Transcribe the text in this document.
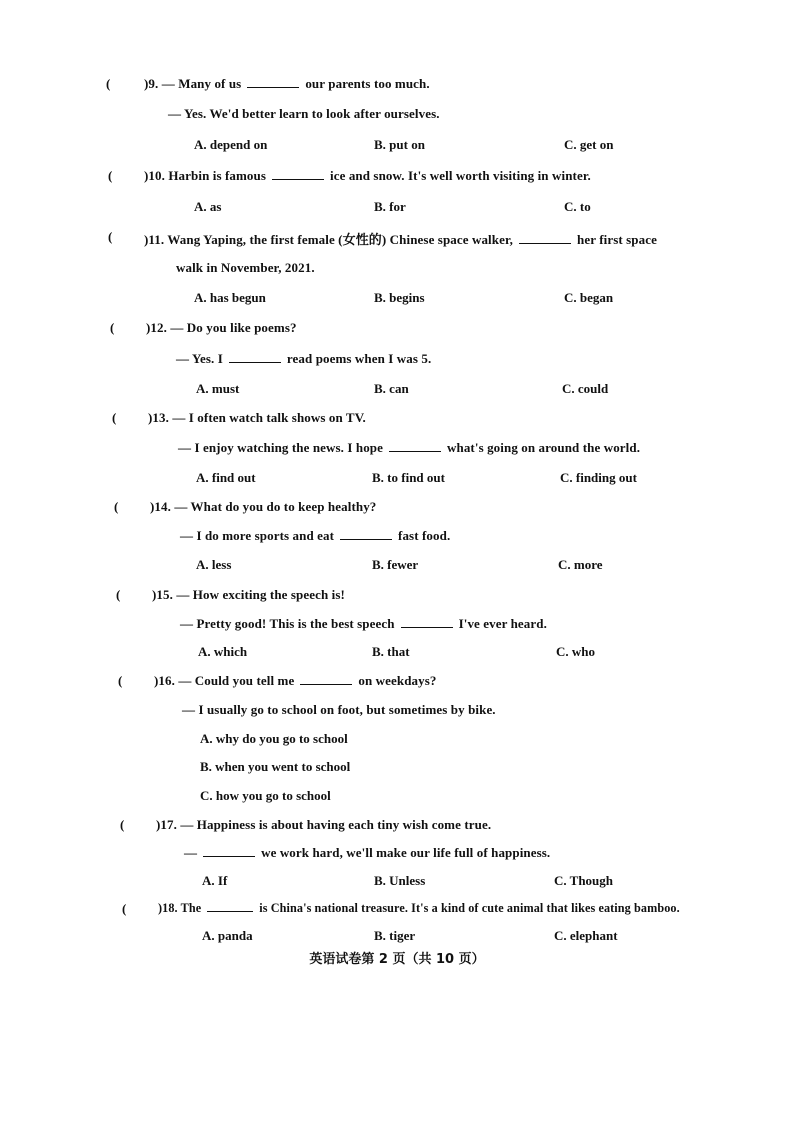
(	)9. — Many of us	our parents too much.
— Yes. We'd better learn to look after ourselves.
A. depend on	B. put on	C. get on
( )10. Harbin is famous	ice and snow. It's well worth visiting in winter.
A. as	B. for	C. to
( )11. Wang Yaping, the first female (女性的) Chinese space walker,	her first space
walk in November, 2021.
A. has begun	B. begins	C. began
( )12. — Do you like poems?
— Yes. I	read poems when I was 5.
A. must	B. can	C. could
( )13. — I often watch talk shows on TV.
— I enjoy watching the news. I hope	what's going on around the world.
A. find out	B. to find out	C. finding out
( )14. — What do you do to keep healthy?
— I do more sports and eat	fast food.
A. less	B. fewer	C. more
( )15. — How exciting the speech is!
— Pretty good! This is the best speech	I've ever heard.
A. which	B. that	C. who
( )16. — Could you tell me	on weekdays?
— I usually go to school on foot, but sometimes by bike.
A. why do you go to school
B. when you went to school
C. how you go to school
( )17. — Happiness is about having each tiny wish come true.
—	we work hard, we'll make our life full of happiness.
A. If	B. Unless	C. Though
(	)18. The	is China's national treasure. It's a kind of cute animal that likes eating bamboo.
A. panda	B. tiger	C. elephant
英语试卷第 2 页（共 10 页）
